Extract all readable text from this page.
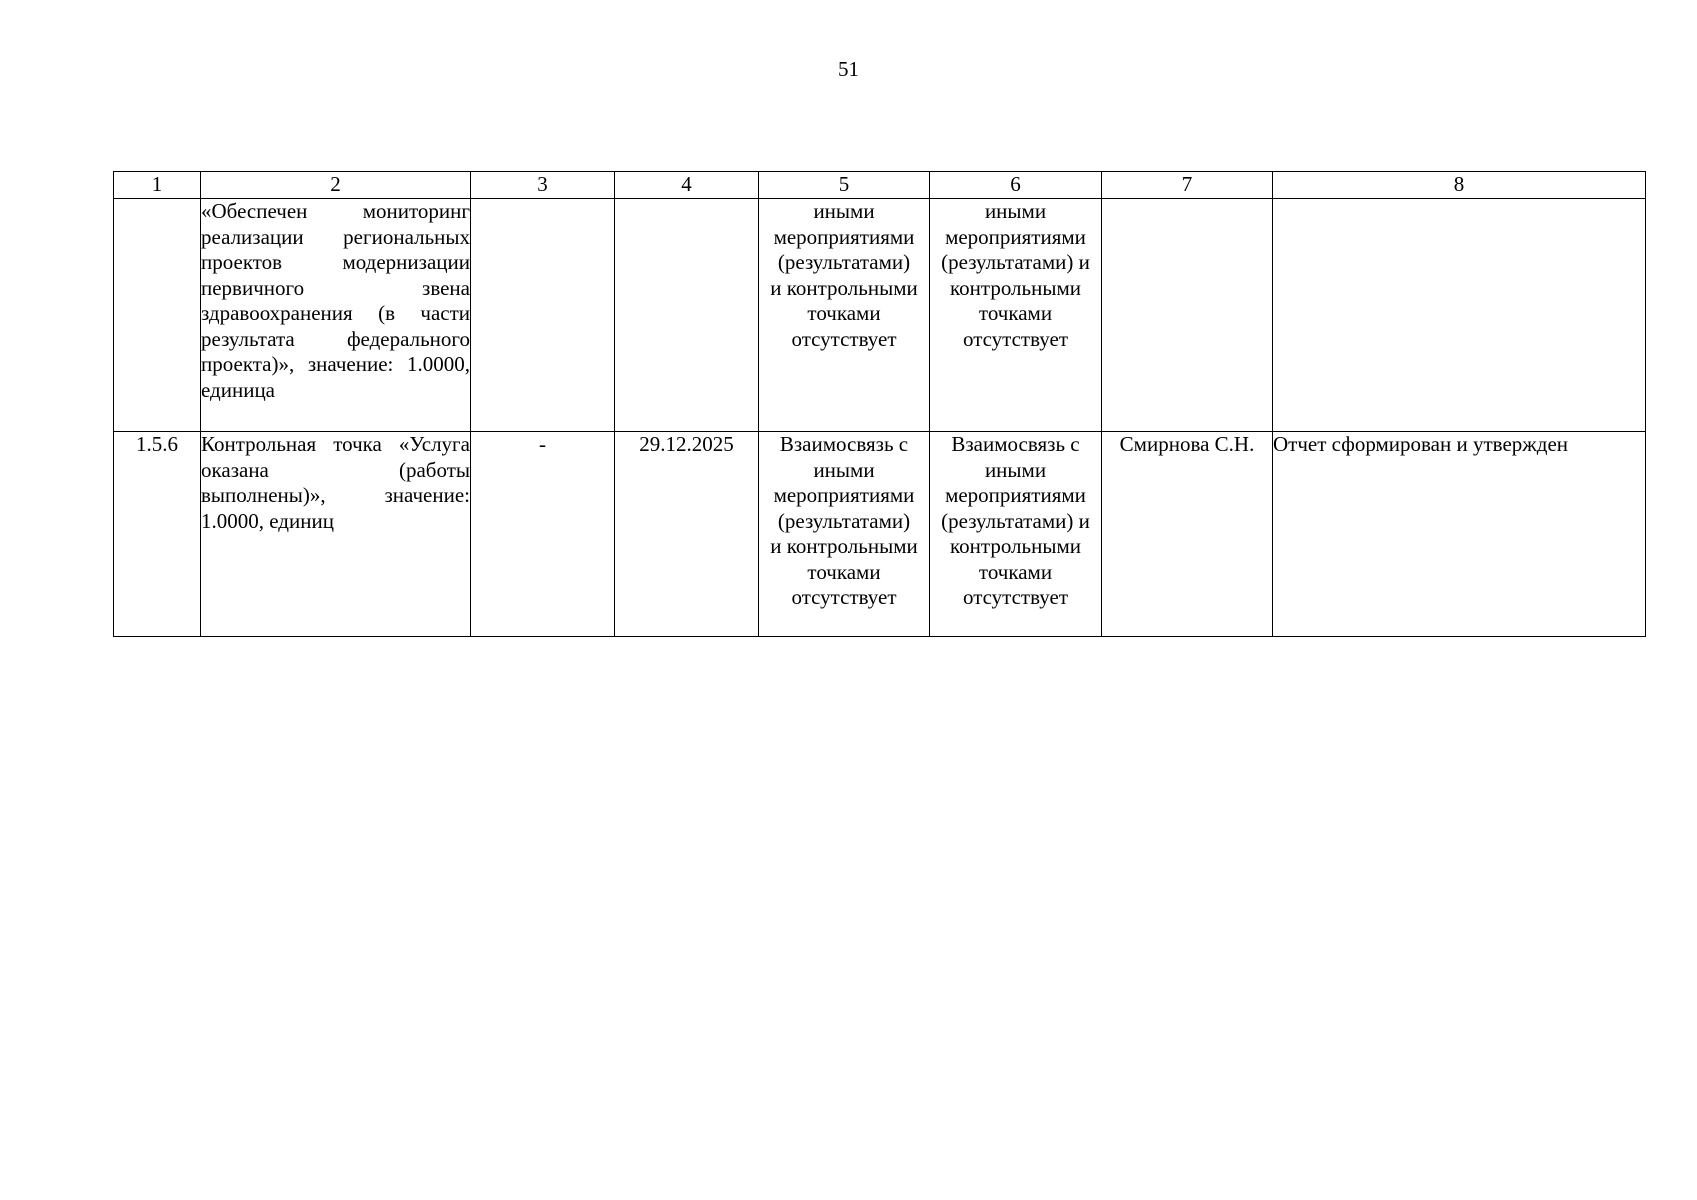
51
1	2	3	4	5	6	7	8

	«Обеспечен мониторинг реализации региональных проектов модернизации первичного звена здравоохранения (в части результата федерального проекта)», значение: 1.0000, единица			иными мероприятиями
(результатами)
и контрольными точками
отсутствует	иными мероприятиями (результатами) и
контрольными
точками отсутствует		

1.5.6	Контрольная точка «Услуга оказана (работы выполнены)», значение: 1.0000, единиц	-	29.12.2025	Взаимосвязь с
иными мероприятиями
(результатами)
и контрольными точками
отсутствует	Взаимосвязь с
иными мероприятиями (результатами) и
контрольными
точками отсутствует	Смирнова С.Н.	Отчет сформирован и утвержден
